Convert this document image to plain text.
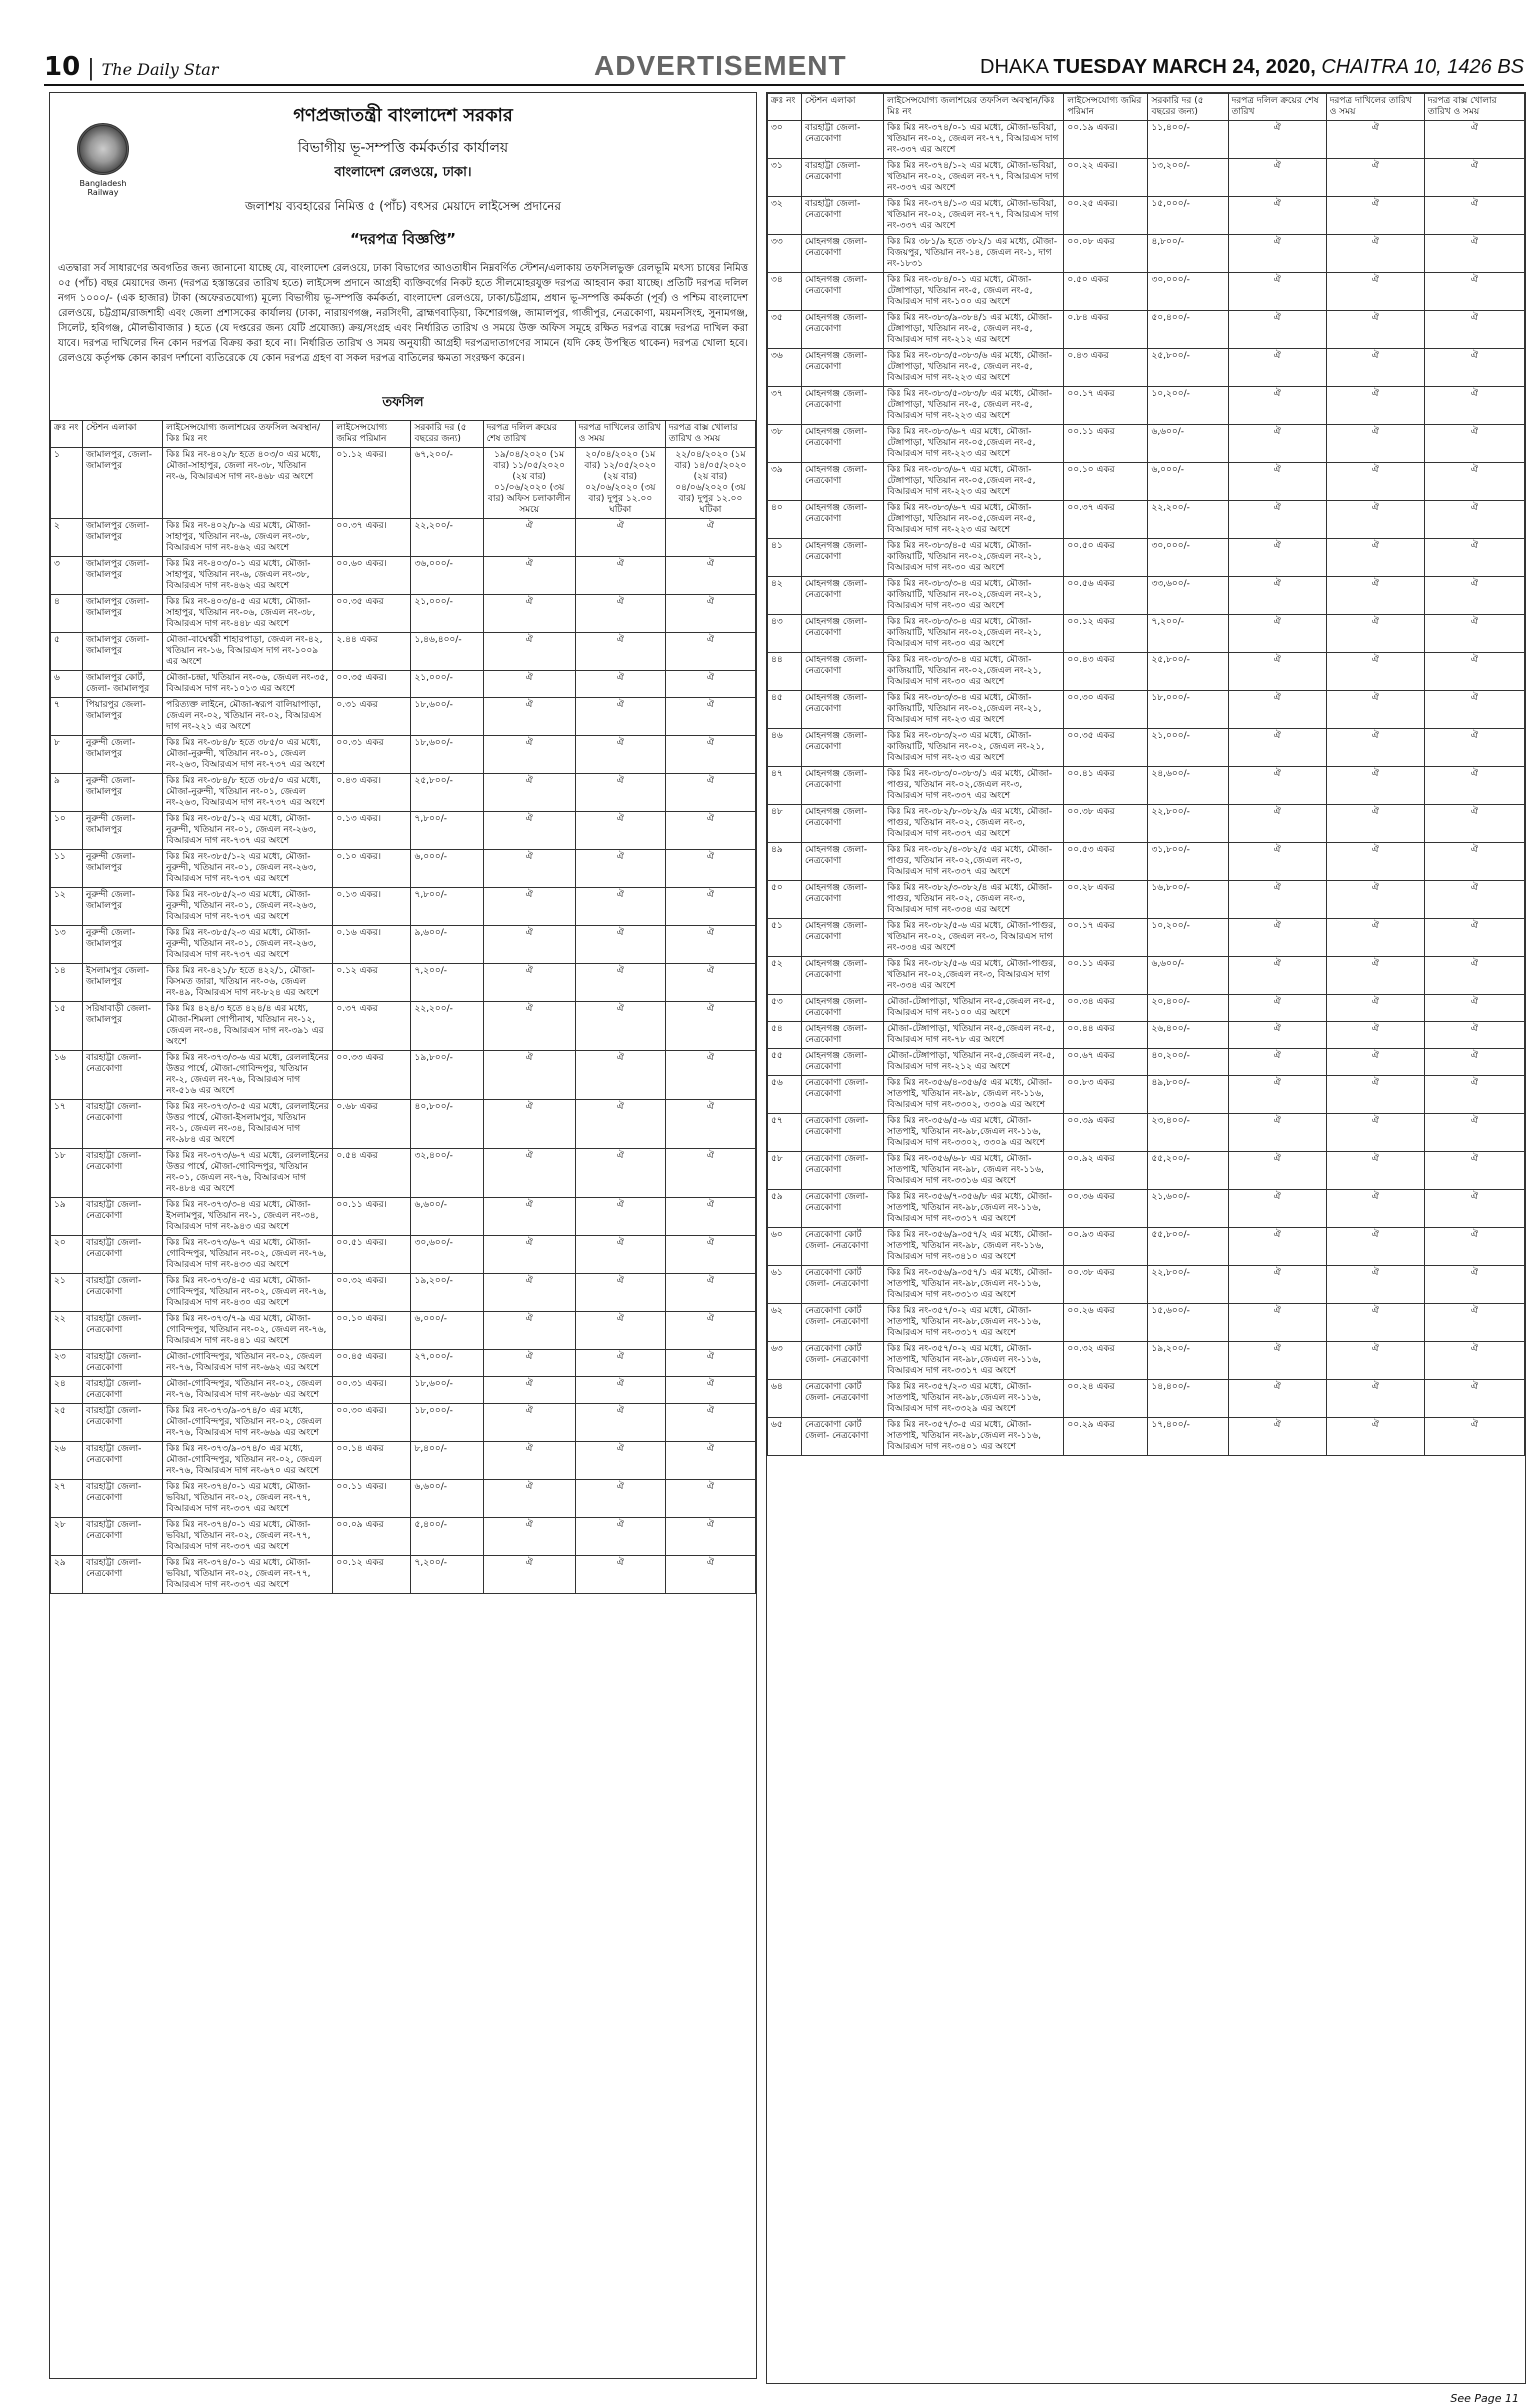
10 | The Daily Star	ADVERTISEMENT	DHAKA TUESDAY MARCH 24, 2020, CHAITRA 10, 1426 BS
Bangladesh Railway
গণপ্রজাতন্ত্রী বাংলাদেশ সরকার
বিভাগীয় ভূ-সম্পত্তি কর্মকর্তার কার্যালয়
বাংলাদেশ রেলওয়ে, ঢাকা।
জলাশয় ব্যবহারের নিমিত্ত ৫ (পাঁচ) বৎসর মেয়াদে লাইসেন্স প্রদানের
“দরপত্র বিজ্ঞপ্তি”
এতদ্বারা সর্ব সাধারণের অবগতির জন্য জানানো যাচ্ছে যে, বাংলাদেশ রেলওয়ে, ঢাকা বিভাগের আওতাধীন নিম্নবর্ণিত স্টেশন/এলাকায় তফসিলভুক্ত রেলভূমি মৎস্য চাষের নিমিত্ত ০৫ (পাঁচ) বছর মেয়াদের জন্য (দরপত্র হস্তান্তরের তারিখ হতে) লাইসেন্স প্রদানে আগ্রহী ব্যক্তিবর্গের নিকট হতে সীলমোহরযুক্ত দরপত্র আহবান করা যাচ্ছে। প্রতিটি দরপত্র দলিল নগদ ১০০০/- (এক হাজার) টাকা (অফেরতযোগ্য) মূল্যে বিভাগীয় ভূ-সম্পত্তি কর্মকর্তা, বাংলাদেশ রেলওয়ে, ঢাকা/চট্টগ্রাম, প্রধান ভূ-সম্পত্তি কর্মকর্তা (পূর্ব) ও পশ্চিম বাংলাদেশ রেলওয়ে, চট্টগ্রাম/রাজশাহী এবং জেলা প্রশাসকের কার্যালয় (ঢাকা, নারায়ণগঞ্জ, নরসিংদী, ব্রাহ্মণবাড়িয়া, কিশোরগঞ্জ, জামালপুর, গাজীপুর, নেত্রকোণা, ময়মনসিংহ, সুনামগঞ্জ, সিলেট, হবিগঞ্জ, মৌলভীবাজার ) হতে (যে দপ্তরের জন্য যেটি প্রযোজ্য) ক্রয়/সংগ্রহ এবং নির্ধারিত তারিখ ও সময়ে উক্ত অফিস সমূহে রক্ষিত দরপত্র বাক্সে দরপত্র দাখিল করা যাবে। দরপত্র দাখিলের দিন কোন দরপত্র বিক্রয় করা হবে না। নির্ধারিত তারিখ ও সময় অনুযায়ী আগ্রহী দরপত্রদাতাগণের সামনে (যদি কেহ উপস্থিত থাকেন) দরপত্র খোলা হবে। রেলওয়ে কর্তৃপক্ষ কোন কারণ দর্শানো ব্যতিরেকে যে কোন দরপত্র গ্রহণ বা সকল দরপত্র বাতিলের ক্ষমতা সংরক্ষণ করেন।
তফসিল
ক্রঃ নং	স্টেশন এলাকা	লাইসেন্সযোগ্য জলাশয়ের তফসিল অবস্থান/কিঃ মিঃ নং	লাইসেন্সযোগ্য জমির পরিমান	সরকারি দর (৫ বছরের জন্য)	দরপত্র দলিল ক্রয়ের শেষ তারিখ	দরপত্র দাখিলের তারিখ ও সময়	দরপত্র বাক্স খোলার তারিখ ও সময়
১	জামালপুর, জেলা- জামালপুর	কিঃ মিঃ নং-৪০২/৮ হতে ৪০৩/০ এর মধ্যে, মৌজা-সাহাপুর, জেলা নং-৩৮, খতিয়ান নং-৬, বিআরএস দাগ নং-৪৬৮ এর অংশে	০১.১২ একর।	৬৭,২০০/-	১৯/০৪/২০২০ (১ম বার) ১১/০৫/২০২০ (২য় বার) ০১/০৬/২০২০ (৩য় বার) অফিস চলাকালীন সময়ে	২০/০৪/২০২০ (১ম বার) ১২/০৫/২০২০ (২য় বার) ০২/০৬/২০২০ (৩য় বার) দুপুর ১২.০০ ঘটিকা	২২/০৪/২০২০ (১ম বার) ১৪/০৫/২০২০ (২য় বার) ০৪/০৬/২০২০ (৩য় বার) দুপুর ১২.০০ ঘটিকা
২	জামালপুর জেলা- জামালপুর	কিঃ মিঃ নং-৪০২/৮-৯ এর মধ্যে, মৌজা-সাহাপুর, খতিয়ান নং-৬, জেএল নং-৩৮, বিআরএস দাগ নং-৪৬২ এর অংশে	০০.৩৭ একর।	২২,২০০/-	ঐ	ঐ	ঐ
৩	জামালপুর জেলা- জামালপুর	কিঃ মিঃ নং-৪০৩/০-১ এর মধ্যে, মৌজা-সাহাপুর, খতিয়ান নং-৬, জেএল নং-৩৮, বিআরএস দাগ নং-৪৬২ এর অংশে	০০.৬০ একর।	৩৬,০০০/-	ঐ	ঐ	ঐ
৪	জামালপুর জেলা- জামালপুর	কিঃ মিঃ নং-৪০৩/৪-৫ এর মধ্যে, মৌজা-সাহাপুর, খতিয়ান নং-০৬, জেএল নং-৩৮, বিআরএস দাগ নং-৪৪৮ এর অংশে	০০.৩৫ একর	২১,০০০/-	ঐ	ঐ	ঐ
৫	জামালপুর জেলা- জামালপুর	মৌজা-বাঘেশ্বরী শাহারপাড়া, জেএল নং-৪২, খতিয়ান নং-১৬, বিআরএস দাগ নং-১০০৯ এর অংশে	২.৪৪ একর	১,৪৬,৪০০/-	ঐ	ঐ	ঐ
৬	জামালপুর কোর্ট, জেলা- জামালপুর	মৌজা-চন্দ্রা, খতিয়ান নং-০৬, জেএল নং-৩৫, বিআরএস দাগ নং-১০১৩ এর অংশে	০০.৩৫ একর।	২১,০০০/-	ঐ	ঐ	ঐ
৭	পিয়ারপুর জেলা- জামালপুর	পরিত্যক্ত লাইনে, মৌজা-স্বরূপ বালিয়াপাড়া, জেএল নং-০২, খতিয়ান নং-০২, বিআরএস দাগ নং-২২১ এর অংশে	০.৩১ একর	১৮,৬০০/-	ঐ	ঐ	ঐ
৮	নুরুন্দী জেলা- জামালপুর	কিঃ মিঃ নং-৩৮৪/৮ হতে ৩৮৫/০ এর মধ্যে, মৌজা-নুরুন্দী, খতিয়ান নং-০১, জেএল নং-২৬৩, বিআরএস দাগ নং-৭৩৭ এর অংশে	০০.৩১ একর	১৮,৬০০/-	ঐ	ঐ	ঐ
৯	নুরুন্দী জেলা- জামালপুর	কিঃ মিঃ নং-৩৮৪/৮ হতে ৩৮৫/০ এর মধ্যে, মৌজা-নুরুন্দী, খতিয়ান নং-০১, জেএল নং-২৬৩, বিআরএস দাগ নং-৭৩৭ এর অংশে	০.৪৩ একর।	২৫,৮০০/-	ঐ	ঐ	ঐ
১০	নুরুন্দী জেলা- জামালপুর	কিঃ মিঃ নং-৩৮৫/১-২ এর মধ্যে, মৌজা-নুরুন্দী, খতিয়ান নং-০১, জেএল নং-২৬৩, বিআরএস দাগ নং-৭৩৭ এর অংশে	০.১৩ একর।	৭,৮০০/-	ঐ	ঐ	ঐ
১১	নুরুন্দী জেলা- জামালপুর	কিঃ মিঃ নং-৩৮৫/১-২ এর মধ্যে, মৌজা-নুরুন্দী, খতিয়ান নং-০১, জেএল নং-২৬৩, বিআরএস দাগ নং-৭৩৭ এর অংশে	০.১০ একর।	৬,০০০/-	ঐ	ঐ	ঐ
১২	নুরুন্দী জেলা- জামালপুর	কিঃ মিঃ নং-৩৮৫/২-৩ এর মধ্যে, মৌজা-নুরুন্দী, খতিয়ান নং-০১, জেএল নং-২৬৩, বিআরএস দাগ নং-৭৩৭ এর অংশে	০.১৩ একর।	৭,৮০০/-	ঐ	ঐ	ঐ
১৩	নুরুন্দী জেলা- জামালপুর	কিঃ মিঃ নং-৩৮৫/২-৩ এর মধ্যে, মৌজা-নুরুন্দী, খতিয়ান নং-০১, জেএল নং-২৬৩, বিআরএস দাগ নং-৭৩৭ এর অংশে	০.১৬ একর।	৯,৬০০/-	ঐ	ঐ	ঐ
১৪	ইসলামপুর জেলা- জামালপুর	কিঃ মিঃ নং-৪২১/৮ হতে ৪২২/১, মৌজা-কিসমত জারা, খতিয়ান নং-০৬, জেএল নং-৪৯, বিআরএস দাগ নং-৮২৪ এর অংশে	০.১২ একর	৭,২০০/-	ঐ	ঐ	ঐ
১৫	সরিষাবাড়ী জেলা- জামালপুর	কিঃ মিঃ ৪২৪/৩ হতে ৪২৪/৪ এর মধ্যে, মৌজা-শিমলা গোপীনাথ, খতিয়ান নং-১২, জেএল নং-৩৪, বিআরএস দাগ নং-৩৯১ এর অংশে	০.৩৭ একর	২২,২০০/-	ঐ	ঐ	ঐ
১৬	বারহাট্টা জেলা- নেত্রকোণা	কিঃ মিঃ নং-৩৭৩/৩-৬ এর মধ্যে, রেললাইনের উত্তর পার্শ্বে, মৌজা-গোবিন্দপুর, খতিয়ান নং-২, জেএল নং-৭৬, বিআরএস দাগ নং-৫১৬ এর অংশে	০০.৩৩ একর	১৯,৮০০/-	ঐ	ঐ	ঐ
১৭	বারহাট্টা জেলা- নেত্রকোণা	কিঃ মিঃ নং-৩৭৩/৩-৫ এর মধ্যে, রেললাইনের উত্তর পার্শ্বে, মৌজা-ইসলামপুর, খতিয়ান নং-১, জেএল নং-৩৪, বিআরএস দাগ নং-৯৮৪ এর অংশে	০.৬৮ একর	৪০,৮০০/-	ঐ	ঐ	ঐ
১৮	বারহাট্টা জেলা- নেত্রকোণা	কিঃ মিঃ নং-৩৭৩/৬-৭ এর মধ্যে, রেললাইনের উত্তর পার্শ্বে, মৌজা-গোবিন্দপুর, খতিয়ান নং-০১, জেএল নং-৭৬, বিআরএস দাগ নং-৪৮৪ এর অংশে	০.৫৪ একর	৩২,৪০০/-	ঐ	ঐ	ঐ
১৯	বারহাট্টা জেলা- নেত্রকোণা	কিঃ মিঃ নং-৩৭৩/৩-৪ এর মধ্যে, মৌজা-ইসলামপুর, খতিয়ান নং-১, জেএল নং-৩৪, বিআরএস দাগ নং-৯৪৩ এর অংশে	০০.১১ একর।	৬,৬০০/-	ঐ	ঐ	ঐ
২০	বারহাট্টা জেলা- নেত্রকোণা	কিঃ মিঃ নং-৩৭৩/৬-৭ এর মধ্যে, মৌজা-গোবিন্দপুর, খতিয়ান নং-০২, জেএল নং-৭৬, বিআরএস দাগ নং-৪৩৩ এর অংশে	০০.৫১ একর।	৩০,৬০০/-	ঐ	ঐ	ঐ
২১	বারহাট্টা জেলা- নেত্রকোণা	কিঃ মিঃ নং-৩৭৩/৪-৫ এর মধ্যে, মৌজা-গোবিন্দপুর, খতিয়ান নং-০২, জেএল নং-৭৬, বিআরএস দাগ নং-৪৩০ এর অংশে	০০.৩২ একর।	১৯,২০০/-	ঐ	ঐ	ঐ
২২	বারহাট্টা জেলা- নেত্রকোণা	কিঃ মিঃ নং-৩৭৩/৭-৯ এর মধ্যে, মৌজা-গোবিন্দপুর, খতিয়ান নং-০২, জেএল নং-৭৬, বিআরএস দাগ নং-৪৪১ এর অংশে	০০.১০ একর।	৬,০০০/-	ঐ	ঐ	ঐ
২৩	বারহাট্টা জেলা- নেত্রকোণা	মৌজা-গোবিন্দপুর, খতিয়ান নং-০২, জেএল নং-৭৬, বিআরএস দাগ নং-৬৬২ এর অংশে	০০.৪৫ একর।	২৭,০০০/-	ঐ	ঐ	ঐ
২৪	বারহাট্টা জেলা- নেত্রকোণা	মৌজা-গোবিন্দপুর, খতিয়ান নং-০২, জেএল নং-৭৬, বিআরএস দাগ নং-৬৬৮ এর অংশে	০০.৩১ একর।	১৮,৬০০/-	ঐ	ঐ	ঐ
২৫	বারহাট্টা জেলা- নেত্রকোণা	কিঃ মিঃ নং-৩৭৩/৯-৩৭৪/০ এর মধ্যে, মৌজা-গোবিন্দপুর, খতিয়ান নং-০২, জেএল নং-৭৬, বিআরএস দাগ নং-৬৬৯ এর অংশে	০০.৩০ একর।	১৮,০০০/-	ঐ	ঐ	ঐ
২৬	বারহাট্টা জেলা- নেত্রকোণা	কিঃ মিঃ নং-৩৭৩/৯-৩৭৪/০ এর মধ্যে, মৌজা-গোবিন্দপুর, খতিয়ান নং-০২, জেএল নং-৭৬, বিআরএস দাগ নং-৬৭০ এর অংশে	০০.১৪ একর	৮,৪০০/-	ঐ	ঐ	ঐ
২৭	বারহাট্টা জেলা- নেত্রকোণা	কিঃ মিঃ নং-৩৭৪/০-১ এর মধ্যে, মৌজা-ভবিয়া, খতিয়ান নং-০২, জেএল নং-৭৭, বিআরএস দাগ নং-৩৩৭ এর অংশে	০০.১১ একর।	৬,৬০০/-	ঐ	ঐ	ঐ
২৮	বারহাট্টা জেলা- নেত্রকোণা	কিঃ মিঃ নং-৩৭৪/০-১ এর মধ্যে, মৌজা-ভবিয়া, খতিয়ান নং-০২, জেএল নং-৭৭, বিআরএস দাগ নং-৩৩৭ এর অংশে	০০.০৯ একর	৫,৪০০/-	ঐ	ঐ	ঐ
২৯	বারহাট্টা জেলা- নেত্রকোণা	কিঃ মিঃ নং-৩৭৪/০-১ এর মধ্যে, মৌজা-ভবিয়া, খতিয়ান নং-০২, জেএল নং-৭৭, বিআরএস দাগ নং-৩৩৭ এর অংশে	০০.১২ একর	৭,২০০/-	ঐ	ঐ	ঐ
ক্রঃ নং	স্টেশন এলাকা	লাইসেন্সযোগ্য জলাশয়ের তফসিল অবস্থান/কিঃ মিঃ নং	লাইসেন্সযোগ্য জমির পরিমান	সরকারি দর (৫ বছরের জন্য)	দরপত্র দলিল ক্রয়ের শেষ তারিখ	দরপত্র দাখিলের তারিখ ও সময়	দরপত্র বাক্স খোলার তারিখ ও সময়
৩০	বারহাট্টা জেলা- নেত্রকোণা	কিঃ মিঃ নং-৩৭৪/০-১ এর মধ্যে, মৌজা-ভবিয়া, খতিয়ান নং-০২, জেএল নং-৭৭, বিআরএস দাগ নং-৩৩৭ এর অংশে	০০.১৯ একর।	১১,৪০০/-	ঐ	ঐ	ঐ
৩১	বারহাট্টা জেলা- নেত্রকোণা	কিঃ মিঃ নং-৩৭৪/১-২ এর মধ্যে, মৌজা-ভবিয়া, খতিয়ান নং-০২, জেএল নং-৭৭, বিআরএস দাগ নং-৩৩৭ এর অংশে	০০.২২ একর।	১৩,২০০/-	ঐ	ঐ	ঐ
৩২	বারহাট্টা জেলা- নেত্রকোণা	কিঃ মিঃ নং-৩৭৪/১-৩ এর মধ্যে, মৌজা-ভবিয়া, খতিয়ান নং-০২, জেএল নং-৭৭, বিআরএস দাগ নং-৩৩৭ এর অংশে	০০.২৫ একর।	১৫,০০০/-	ঐ	ঐ	ঐ
৩৩	মোহনগঞ্জ জেলা- নেত্রকোণা	কিঃ মিঃ ৩৮১/৯ হতে ৩৮২/১ এর মধ্যে, মৌজা-বিজয়পুর, খতিয়ান নং-১৪, জেএল নং-১, দাগ নং-১৮৩১	০০.০৮ একর	৪,৮০০/-	ঐ	ঐ	ঐ
৩৪	মোহনগঞ্জ জেলা- নেত্রকোণা	কিঃ মিঃ নং-৩৮৪/০-১ এর মধ্যে, মৌজা-টেঙ্গাপাড়া, খতিয়ান নং-৫, জেএল নং-৫, বিআরএস দাগ নং-১০০ এর অংশে	০.৫০ একর	৩০,০০০/-	ঐ	ঐ	ঐ
৩৫	মোহনগঞ্জ জেলা- নেত্রকোণা	কিঃ মিঃ নং-৩৮৩/৯-৩৮৪/১ এর মধ্যে, মৌজা-টেঙ্গাপাড়া, খতিয়ান নং-৫, জেএল নং-৫, বিআরএস দাগ নং-২১২ এর অংশে	০.৮৪ একর	৫০,৪০০/-	ঐ	ঐ	ঐ
৩৬	মোহনগঞ্জ জেলা- নেত্রকোণা	কিঃ মিঃ নং-৩৮৩/৫-৩৮৩/৬ এর মধ্যে, মৌজা-টেঙ্গাপাড়া, খতিয়ান নং-৫, জেএল নং-৫, বিআরএস দাগ নং-২২৩ এর অংশে	০.৪৩ একর	২৫,৮০০/-	ঐ	ঐ	ঐ
৩৭	মোহনগঞ্জ জেলা- নেত্রকোণা	কিঃ মিঃ নং-৩৮৩/৫-৩৮৩/৮ এর মধ্যে, মৌজা-টেঙ্গাপাড়া, খতিয়ান নং-৫, জেএল নং-৫, বিআরএস দাগ নং-২২৩ এর অংশে	০০.১৭ একর	১০,২০০/-	ঐ	ঐ	ঐ
৩৮	মোহনগঞ্জ জেলা- নেত্রকোণা	কিঃ মিঃ নং-৩৮৩/৬-৭ এর মধ্যে, মৌজা-টেঙ্গাপাড়া, খতিয়ান নং-০৫,জেএল নং-৫, বিআরএস দাগ নং-২২৩ এর অংশে	০০.১১ একর	৬,৬০০/-	ঐ	ঐ	ঐ
৩৯	মোহনগঞ্জ জেলা- নেত্রকোণা	কিঃ মিঃ নং-৩৮৩/৬-৭ এর মধ্যে, মৌজা-টেঙ্গাপাড়া, খতিয়ান নং-০৫,জেএল নং-৫, বিআরএস দাগ নং-২২৩ এর অংশে	০০.১০ একর	৬,০০০/-	ঐ	ঐ	ঐ
৪০	মোহনগঞ্জ জেলা- নেত্রকোণা	কিঃ মিঃ নং-৩৮৩/৬-৭ এর মধ্যে, মৌজা-টেঙ্গাপাড়া, খতিয়ান নং-০৫,জেএল নং-৫, বিআরএস দাগ নং-২২৩ এর অংশে	০০.৩৭ একর	২২,২০০/-	ঐ	ঐ	ঐ
৪১	মোহনগঞ্জ জেলা- নেত্রকোণা	কিঃ মিঃ নং-৩৮৩/৪-৫ এর মধ্যে, মৌজা-কাজিয়াটি, খতিয়ান নং-০২,জেএল নং-২১, বিআরএস দাগ নং-৩০ এর অংশে	০০.৫০ একর	৩০,০০০/-	ঐ	ঐ	ঐ
৪২	মোহনগঞ্জ জেলা- নেত্রকোণা	কিঃ মিঃ নং-৩৮৩/৩-৪ এর মধ্যে, মৌজা-কাজিয়াটি, খতিয়ান নং-০২,জেএল নং-২১, বিআরএস দাগ নং-৩০ এর অংশে	০০.৫৬ একর	৩৩,৬০০/-	ঐ	ঐ	ঐ
৪৩	মোহনগঞ্জ জেলা- নেত্রকোণা	কিঃ মিঃ নং-৩৮৩/৩-৪ এর মধ্যে, মৌজা-কাজিয়াটি, খতিয়ান নং-০২,জেএল নং-২১, বিআরএস দাগ নং-৩০ এর অংশে	০০.১২ একর	৭,২০০/-	ঐ	ঐ	ঐ
৪৪	মোহনগঞ্জ জেলা- নেত্রকোণা	কিঃ মিঃ নং-৩৮৩/৩-৪ এর মধ্যে, মৌজা-কাজিয়াটি, খতিয়ান নং-০২,জেএল নং-২১, বিআরএস দাগ নং-৩০ এর অংশে	০০.৪৩ একর	২৫,৮০০/-	ঐ	ঐ	ঐ
৪৫	মোহনগঞ্জ জেলা- নেত্রকোণা	কিঃ মিঃ নং-৩৮৩/৩-৪ এর মধ্যে, মৌজা-কাজিয়াটি, খতিয়ান নং-০২,জেএল নং-২১, বিআরএস দাগ নং-২৩ এর অংশে	০০.৩০ একর	১৮,০০০/-	ঐ	ঐ	ঐ
৪৬	মোহনগঞ্জ জেলা- নেত্রকোণা	কিঃ মিঃ নং-৩৮৩/২-৩ এর মধ্যে, মৌজা-কাজিয়াটি, খতিয়ান নং-০২, জেএল নং-২১, বিআরএস দাগ নং-২৩ এর অংশে	০০.৩৫ একর	২১,০০০/-	ঐ	ঐ	ঐ
৪৭	মোহনগঞ্জ জেলা- নেত্রকোণা	কিঃ মিঃ নং-৩৮৩/০-৩৮৩/১ এর মধ্যে, মৌজা-পাগুর, খতিয়ান নং-০২,জেএল নং-৩, বিআরএস দাগ নং-৩৩৭ এর অংশে	০০.৪১ একর	২৪,৬০০/-	ঐ	ঐ	ঐ
৪৮	মোহনগঞ্জ জেলা- নেত্রকোণা	কিঃ মিঃ নং-৩৮২/৮-৩৮২/৯ এর মধ্যে, মৌজা-পাগুর, খতিয়ান নং-০২, জেএল নং-৩, বিআরএস দাগ নং-৩৩৭ এর অংশে	০০.৩৮ একর	২২,৮০০/-	ঐ	ঐ	ঐ
৪৯	মোহনগঞ্জ জেলা- নেত্রকোণা	কিঃ মিঃ নং-৩৮২/৪-৩৮২/৫ এর মধ্যে, মৌজা-পাগুর, খতিয়ান নং-০২,জেএল নং-৩, বিআরএস দাগ নং-৩৩৭ এর অংশে	০০.৫৩ একর	৩১,৮০০/-	ঐ	ঐ	ঐ
৫০	মোহনগঞ্জ জেলা- নেত্রকোণা	কিঃ মিঃ নং-৩৮২/৩-৩৮২/৪ এর মধ্যে, মৌজা-পাগুর, খতিয়ান নং-০২, জেএল নং-৩, বিআরএস দাগ নং-৩৩৪ এর অংশে	০০.২৮ একর	১৬,৮০০/-	ঐ	ঐ	ঐ
৫১	মোহনগঞ্জ জেলা- নেত্রকোণা	কিঃ মিঃ নং-৩৮২/৫-৬ এর মধ্যে, মৌজা-পাগুর, খতিয়ান নং-০২, জেএল নং-৩, বিআরএস দাগ নং-৩৩৪ এর অংশে	০০.১৭ একর	১০,২০০/-	ঐ	ঐ	ঐ
৫২	মোহনগঞ্জ জেলা- নেত্রকোণা	কিঃ মিঃ নং-৩৮২/৫-৬ এর মধ্যে, মৌজা-পাগুর, খতিয়ান নং-০২,জেএল নং-৩, বিআরএস দাগ নং-৩৩৪ এর অংশে	০০.১১ একর	৬,৬০০/-	ঐ	ঐ	ঐ
৫৩	মোহনগঞ্জ জেলা- নেত্রকোণা	মৌজা-টেঙ্গাপাড়া, খতিয়ান নং-৫,জেএল নং-৫, বিআরএস দাগ নং-১০০ এর অংশে	০০.৩৪ একর	২০,৪০০/-	ঐ	ঐ	ঐ
৫৪	মোহনগঞ্জ জেলা- নেত্রকোণা	মৌজা-টেঙ্গাপাড়া, খতিয়ান নং-৫,জেএল নং-৫, বিআরএস দাগ নং-৭৮ এর অংশে	০০.৪৪ একর	২৬,৪০০/-	ঐ	ঐ	ঐ
৫৫	মোহনগঞ্জ জেলা- নেত্রকোণা	মৌজা-টেঙ্গাপাড়া, খতিয়ান নং-৫,জেএল নং-৫, বিআরএস দাগ নং-২১২ এর অংশে	০০.৬৭ একর	৪০,২০০/-	ঐ	ঐ	ঐ
৫৬	নেত্রকোণা জেলা- নেত্রকোণা	কিঃ মিঃ নং-৩৫৬/৪-৩৫৬/৫ এর মধ্যে, মৌজা-সাতপাই, খতিয়ান নং-৯৮, জেএল নং-১১৬, বিআরএস দাগ নং-৩৩০২, ৩৩০৯ এর অংশে	০০.৮৩ একর	৪৯,৮০০/-	ঐ	ঐ	ঐ
৫৭	নেত্রকোণা জেলা- নেত্রকোণা	কিঃ মিঃ নং-৩৫৬/৫-৬ এর মধ্যে, মৌজা-সাতপাই, খতিয়ান নং-৯৮,জেএল নং-১১৬, বিআরএস দাগ নং-৩৩০২, ৩৩০৯ এর অংশে	০০.৩৯ একর	২৩,৪০০/-	ঐ	ঐ	ঐ
৫৮	নেত্রকোণা জেলা- নেত্রকোণা	কিঃ মিঃ নং-৩৫৬/৬-৮ এর মধ্যে, মৌজা-সাতপাই, খতিয়ান নং-৯৮, জেএল নং-১১৬, বিআরএস দাগ নং-৩৩১৬ এর অংশে	০০.৯২ একর	৫৫,২০০/-	ঐ	ঐ	ঐ
৫৯	নেত্রকোণা জেলা- নেত্রকোণা	কিঃ মিঃ নং-৩৫৬/৭-৩৫৬/৮ এর মধ্যে, মৌজা-সাতপাই, খতিয়ান নং-৯৮,জেএল নং-১১৬, বিআরএস দাগ নং-৩৩১৭ এর অংশে	০০.৩৬ একর	২১,৬০০/-	ঐ	ঐ	ঐ
৬০	নেত্রকোণা কোর্ট জেলা- নেত্রকোণা	কিঃ মিঃ নং-৩৫৬/৯-৩৫৭/২ এর মধ্যে, মৌজা-সাতপাই, খতিয়ান নং-৯৮, জেএল নং-১১৬, বিআরএস দাগ নং-৩৪১০ এর অংশে	০০.৯৩ একর	৫৫,৮০০/-	ঐ	ঐ	ঐ
৬১	নেত্রকোণা কোর্ট জেলা- নেত্রকোণা	কিঃ মিঃ নং-৩৫৬/৯-৩৫৭/১ এর মধ্যে, মৌজা-সাতপাই, খতিয়ান নং-৯৮,জেএল নং-১১৬, বিআরএস দাগ নং-৩৩১৩ এর অংশে	০০.৩৮ একর	২২,৮০০/-	ঐ	ঐ	ঐ
৬২	নেত্রকোণা কোর্ট জেলা- নেত্রকোণা	কিঃ মিঃ নং-৩৫৭/০-২ এর মধ্যে, মৌজা-সাতপাই, খতিয়ান নং-৯৮,জেএল নং-১১৬, বিআরএস দাগ নং-৩৩১৭ এর অংশে	০০.২৬ একর	১৫,৬০০/-	ঐ	ঐ	ঐ
৬৩	নেত্রকোণা কোর্ট জেলা- নেত্রকোণা	কিঃ মিঃ নং-৩৫৭/০-২ এর মধ্যে, মৌজা-সাতপাই, খতিয়ান নং-৯৮,জেএল নং-১১৬, বিআরএস দাগ নং-৩৩১৭ এর অংশে	০০.৩২ একর	১৯,২০০/-	ঐ	ঐ	ঐ
৬৪	নেত্রকোণা কোর্ট জেলা- নেত্রকোণা	কিঃ মিঃ নং-৩৫৭/২-৩ এর মধ্যে, মৌজা-সাতপাই, খতিয়ান নং-৯৮,জেএল নং-১১৬, বিআরএস দাগ নং-৩৩২৯ এর অংশে	০০.২৪ একর	১৪,৪০০/-	ঐ	ঐ	ঐ
৬৫	নেত্রকোণা কোর্ট জেলা- নেত্রকোণা	কিঃ মিঃ নং-৩৫৭/৩-৫ এর মধ্যে, মৌজা-সাতপাই, খতিয়ান নং-৯৮,জেএল নং-১১৬, বিআরএস দাগ নং-৩৪০১ এর অংশে	০০.২৯ একর	১৭,৪০০/-	ঐ	ঐ	ঐ
See Page 11
